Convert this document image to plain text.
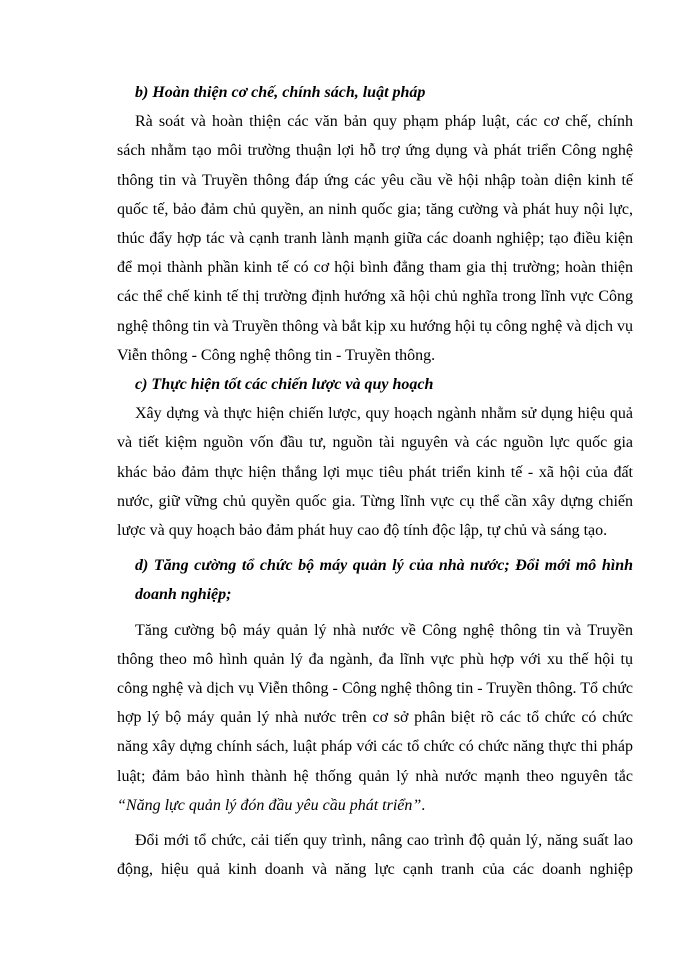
b) Hoàn thiện cơ chế, chính sách, luật pháp

Rà soát và hoàn thiện các văn bản quy phạm pháp luật, các cơ chế, chính sách nhằm tạo môi trường thuận lợi hỗ trợ ứng dụng và phát triển Công nghệ thông tin và Truyền thông đáp ứng các yêu cầu về hội nhập toàn diện kinh tế quốc tế, bảo đảm chủ quyền, an ninh quốc gia; tăng cường và phát huy nội lực, thúc đẩy hợp tác và cạnh tranh lành mạnh giữa các doanh nghiệp; tạo điều kiện để mọi thành phần kinh tế có cơ hội bình đẳng tham gia thị trường; hoàn thiện các thể chế kinh tế thị trường định hướng xã hội chủ nghĩa trong lĩnh vực Công nghệ thông tin và Truyền thông và bắt kịp xu hướng hội tụ công nghệ và dịch vụ Viễn thông - Công nghệ thông tin - Truyền thông.

c) Thực hiện tốt các chiến lược và quy hoạch

Xây dựng và thực hiện chiến lược, quy hoạch ngành nhằm sử dụng hiệu quả và tiết kiệm nguồn vốn đầu tư, nguồn tài nguyên và các nguồn lực quốc gia khác bảo đảm thực hiện thắng lợi mục tiêu phát triển kinh tế - xã hội của đất nước, giữ vững chủ quyền quốc gia. Từng lĩnh vực cụ thể cần xây dựng chiến lược và quy hoạch bảo đảm phát huy cao độ tính độc lập, tự chủ và sáng tạo.

d) Tăng cường tổ chức bộ máy quản lý của nhà nước; Đổi mới mô hình doanh nghiệp;

Tăng cường bộ máy quản lý nhà nước về Công nghệ thông tin và Truyền thông theo mô hình quản lý đa ngành, đa lĩnh vực phù hợp với xu thế hội tụ công nghệ và dịch vụ Viễn thông - Công nghệ thông tin - Truyền thông. Tổ chức hợp lý bộ máy quản lý nhà nước trên cơ sở phân biệt rõ các tổ chức có chức năng xây dựng chính sách, luật pháp với các tổ chức có chức năng thực thi pháp luật; đảm bảo hình thành hệ thống quản lý nhà nước mạnh theo nguyên tắc “Năng lực quản lý đón đầu yêu cầu phát triển”.

Đổi mới tổ chức, cải tiến quy trình, nâng cao trình độ quản lý, năng suất lao động, hiệu quả kinh doanh và năng lực cạnh tranh của các doanh nghiệp
